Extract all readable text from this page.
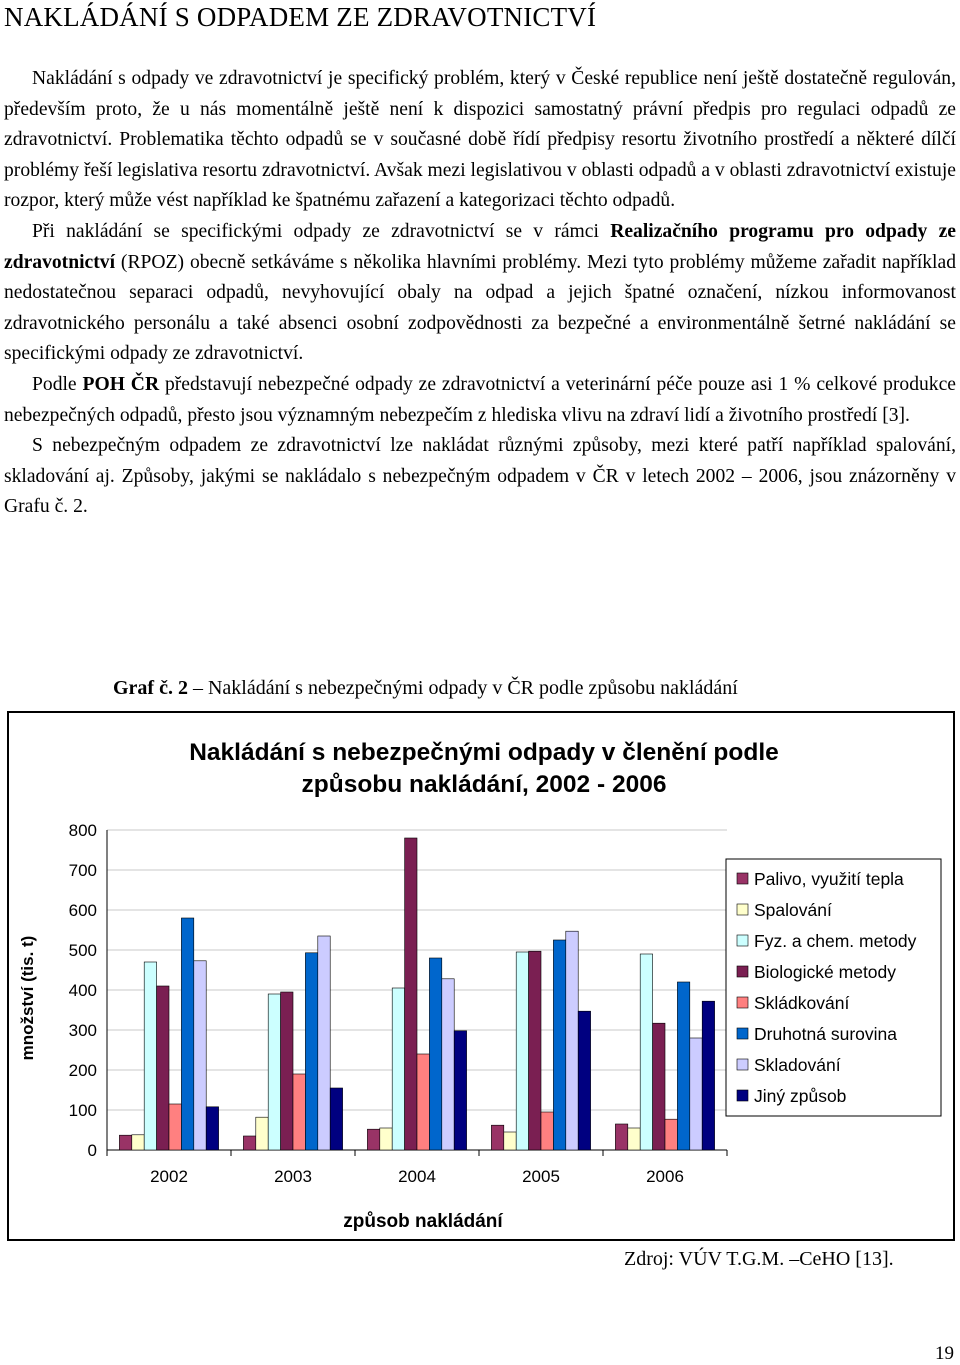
NAKLÁDÁNÍ S ODPADEM ZE ZDRAVOTNICTVÍ

Nakládání s odpady ve zdravotnictví je specifický problém, který v České republice není ještě dostatečně regulován, především proto, že u nás momentálně ještě není k dispozici samostatný právní předpis pro regulaci odpadů ze zdravotnictví. Problematika těchto odpadů se v současné době řídí předpisy resortu životního prostředí a některé dílčí problémy řeší legislativa resortu zdravotnictví. Avšak mezi legislativou v oblasti odpadů a v oblasti zdravotnictví existuje rozpor, který může vést například ke špatnému zařazení a kategorizaci těchto odpadů.

Při nakládání se specifickými odpady ze zdravotnictví se v rámci Realizačního programu pro odpady ze zdravotnictví (RPOZ) obecně setkáváme s několika hlavními problémy. Mezi tyto problémy můžeme zařadit například nedostatečnou separaci odpadů, nevyhovující obaly na odpad a jejich špatné označení, nízkou informovanost zdravotnického personálu a také absenci osobní zodpovědnosti za bezpečné a environmentálně šetrné nakládání se specifickými odpady ze zdravotnictví.

Podle POH ČR představují nebezpečné odpady ze zdravotnictví a veterinární péče pouze asi 1 % celkové produkce nebezpečných odpadů, přesto jsou významným nebezpečím z hlediska vlivu na zdraví lidí a životního prostředí [3].

S nebezpečným odpadem ze zdravotnictví lze nakládat různými způsoby, mezi které patří například spalování, skladování aj. Způsoby, jakými se nakládalo s nebezpečným odpadem v ČR v letech 2002 – 2006, jsou znázorněny v Grafu č. 2.

Graf č. 2 – Nakládání s nebezpečnými odpady v ČR podle způsobu nakládání
Nakládání s nebezpečnými odpady v členění podle
způsobu nakládání, 2002 - 2006
0
100
200
300
400
500
600
700
800
2002	2003	2004	2005	2006
způsob nakládání
množství (tis. t)
Palivo, využití tepla
Spalování
Fyz. a chem. metody
Biologické metody
Skládkování
Druhotná surovina
Skladování
Jiný způsob
Zdroj: VÚV T.G.M. –CeHO [13].
19
